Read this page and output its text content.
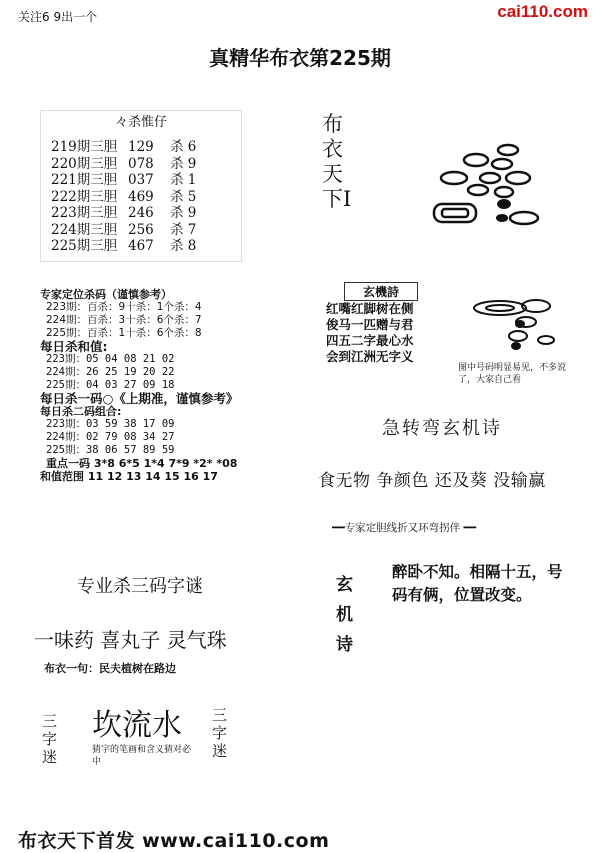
关注6 9出一个	cai110.com
真精华布衣第225期
々杀惟仔
219期三胆 129 杀 6
220期三胆 078 杀 9
221期三胆 037 杀 1
222期三胆 469 杀 5
223期三胆 246 杀 9
224期三胆 256 杀 7
225期三胆 467 杀 8
专家定位杀码（谨慎参考）
223期：百杀：9十杀：1个杀：4
224期：百杀：3十杀：6个杀：7
225期：百杀：1十杀：6个杀：8
每日杀和值:
223期：05 04 08 21 02
224期：26 25 19 20 22
225期：04 03 27 09 18
每日杀一码○《上期准，谨慎参考》
每日杀二码组合:
223期：03 59 38 17 09
224期：02 79 08 34 27
225期：38 06 57 89 59
重点一码 3*8 6*5 1*4 7*9 *2* *08
和值范围 11 12 13 14 15 16 17
专业杀三码字谜
一味药 喜丸子 灵气珠
布衣一句：民夫植树在路边
三字迷
坎流水 三字迷
猜字的笔画和含义猜对必中
布衣天下I
玄機詩
红嘴红脚树在侧
俊马一匹赠与君
四五二字最心水
会到江洲无字义
图中号码明显易见，不多说了，大家自己看
急转弯玄机诗
食无物 争颜色 还及葵 没输赢
━━专家定胆线折又环弯拐伴 ━━
玄机诗
醉卧不知。相隔十五，号码有俩，位置改变。
布衣天下首发 www.cai110.com
